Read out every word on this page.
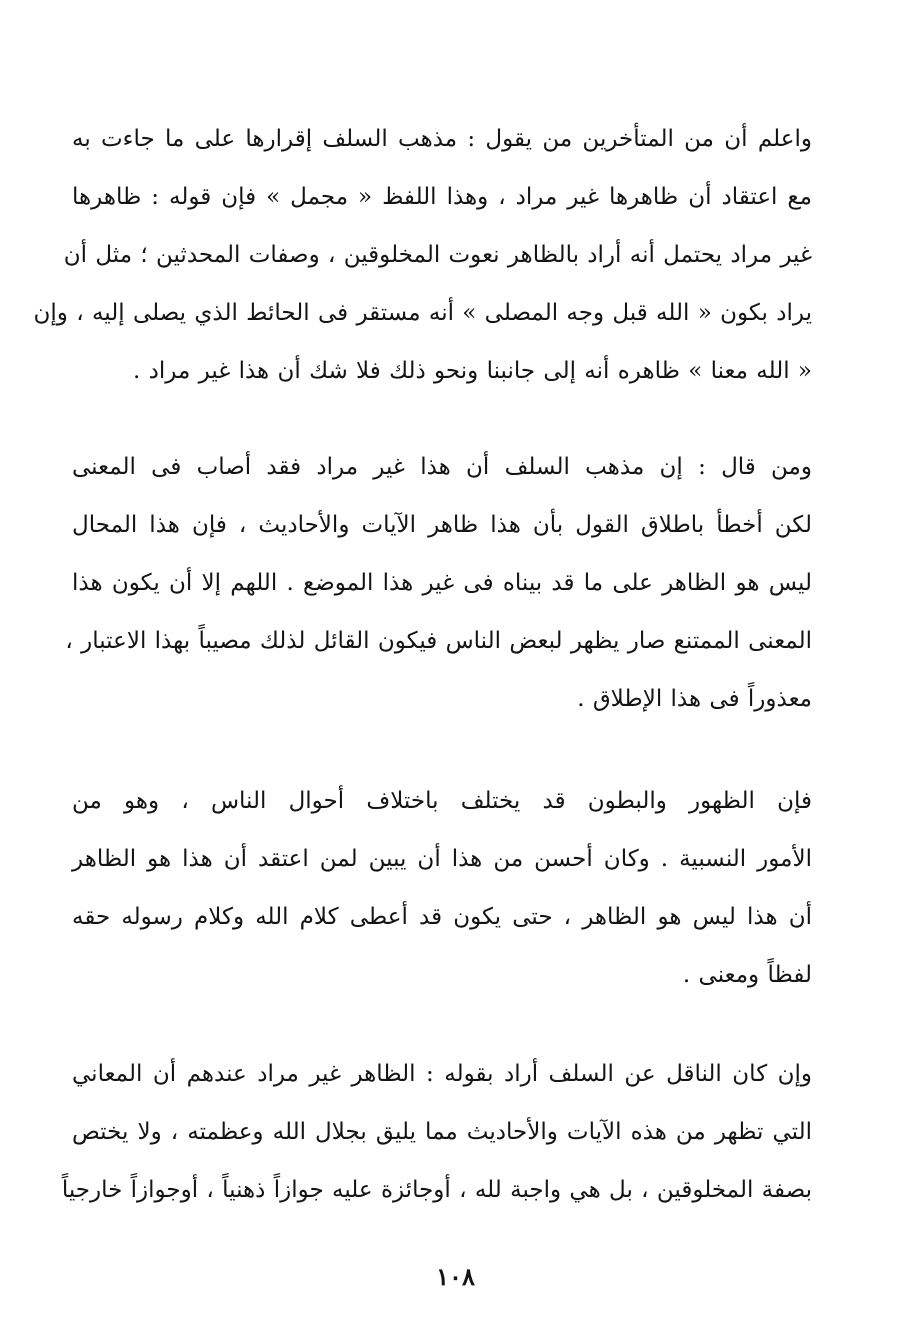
واعلم أن من المتأخرين من يقول : مذهب السلف إقرارها على ما جاءت به
مع اعتقاد أن ظاهرها غير مراد ، وهذا اللفظ « مجمل » فإن قوله : ظاهرها
غير مراد يحتمل أنه أراد بالظاهر نعوت المخلوقين ، وصفات المحدثين ؛ مثل أن
يراد بكون « الله قبل وجه المصلى » أنه مستقر فى الحائط الذي يصلى إليه ، وإن
« الله معنا » ظاهره أنه إلى جانبنا ونحو ذلك فلا شك أن هذا غير مراد .
ومن قال : إن مذهب السلف أن هذا غير مراد فقد أصاب فى المعنى
لكن أخطأ باطلاق القول بأن هذا ظاهر الآيات والأحاديث ، فإن هذا المحال
ليس هو الظاهر على ما قد بيناه فى غير هذا الموضع . اللهم إلا أن يكون هذا
المعنى الممتنع صار يظهر لبعض الناس فيكون القائل لذلك مصيباً بهذا الاعتبار ،
معذوراً فى هذا الإطلاق .
فإن الظهور والبطون قد يختلف باختلاف أحوال الناس ، وهو من
الأمور النسبية . وكان أحسن من هذا أن يبين لمن اعتقد أن هذا هو الظاهر
أن هذا ليس هو الظاهر ، حتى يكون قد أعطى كلام الله وكلام رسوله حقه
لفظاً ومعنى .
وإن كان الناقل عن السلف أراد بقوله : الظاهر غير مراد عندهم أن المعاني
التي تظهر من هذه الآيات والأحاديث مما يليق بجلال الله وعظمته ، ولا يختص
بصفة المخلوقين ، بل هي واجبة لله ، أوجائزة عليه جوازاً ذهنياً ، أوجوازاً خارجياً
١٠٨
